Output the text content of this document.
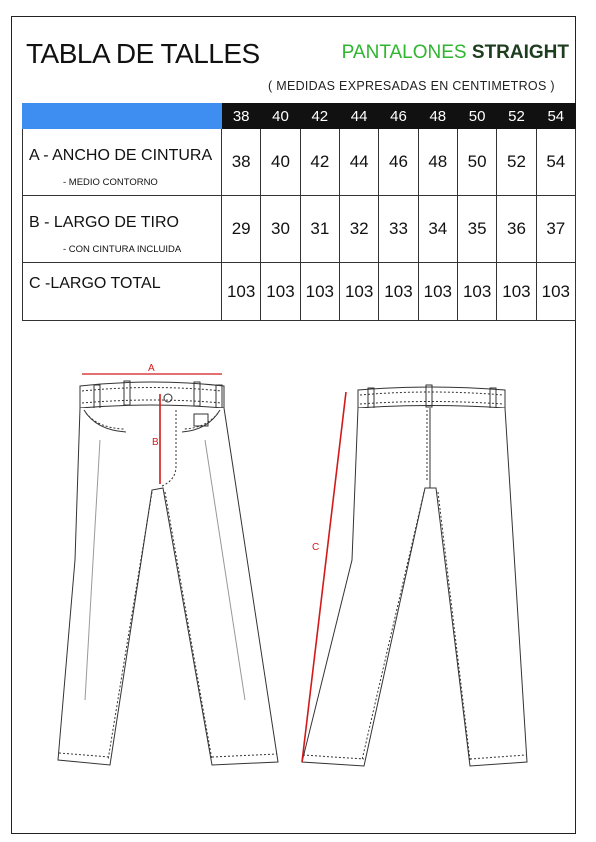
TABLA DE TALLES	PANTALONES STRAIGHT
( MEDIDAS EXPRESADAS EN CENTIMETROS )
	38	40	42	44	46	48	50	52	54

A - ANCHO DE CINTURA
- MEDIO CONTORNO	38	40	42	44	46	48	50	52	54

B - LARGO DE TIRO
- CON CINTURA INCLUIDA	29	30	31	32	33	34	35	36	37

C -LARGO TOTAL	103	103	103	103	103	103	103	103	103
A
B
C
